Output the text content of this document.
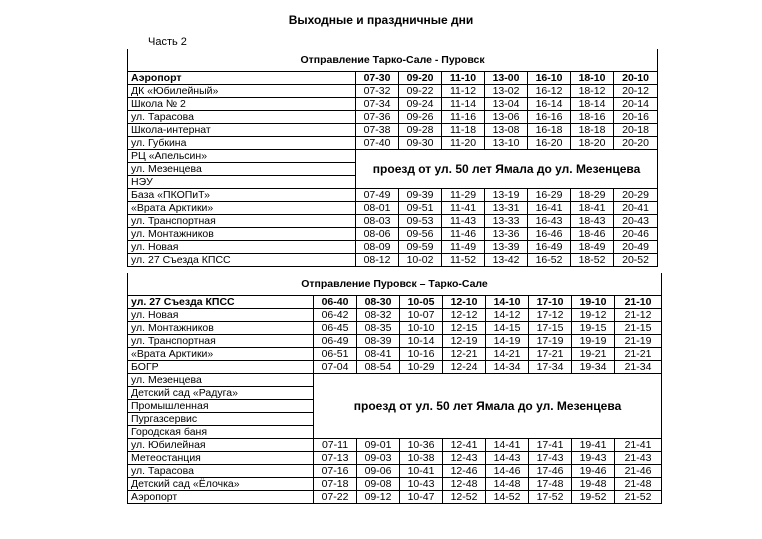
Выходные и праздничные дни
Часть 2
Отправление Тарко-Сале - Пуровск							
Аэропорт	07-30	09-20	11-10	13-00	16-10	18-10	20-10
ДК «Юбилейный»	07-32	09-22	11-12	13-02	16-12	18-12	20-12
Школа № 2	07-34	09-24	11-14	13-04	16-14	18-14	20-14
ул. Тарасова	07-36	09-26	11-16	13-06	16-16	18-16	20-16
Школа-интернат	07-38	09-28	11-18	13-08	16-18	18-18	20-18
ул. Губкина	07-40	09-30	11-20	13-10	16-20	18-20	20-20
РЦ «Апельсин»	проезд от ул. 50 лет Ямала до ул. Мезенцева						
ул. Мезенцева							
НЭУ							
База «ПКОПиТ»	07-49	09-39	11-29	13-19	16-29	18-29	20-29
«Врата Арктики»	08-01	09-51	11-41	13-31	16-41	18-41	20-41
ул. Транспортная	08-03	09-53	11-43	13-33	16-43	18-43	20-43
ул. Монтажников	08-06	09-56	11-46	13-36	16-46	18-46	20-46
ул. Новая	08-09	09-59	11-49	13-39	16-49	18-49	20-49
ул. 27 Съезда КПСС	08-12	10-02	11-52	13-42	16-52	18-52	20-52
Отправление Пуровск – Тарко-Сале								
ул. 27 Съезда КПСС	06-40	08-30	10-05	12-10	14-10	17-10	19-10	21-10
ул. Новая	06-42	08-32	10-07	12-12	14-12	17-12	19-12	21-12
ул. Монтажников	06-45	08-35	10-10	12-15	14-15	17-15	19-15	21-15
ул. Транспортная	06-49	08-39	10-14	12-19	14-19	17-19	19-19	21-19
«Врата Арктики»	06-51	08-41	10-16	12-21	14-21	17-21	19-21	21-21
БОГР	07-04	08-54	10-29	12-24	14-34	17-34	19-34	21-34
ул. Мезенцева	проезд от ул. 50 лет Ямала до ул. Мезенцева							
Детский сад «Радуга»								
Промышленная								
Пургазсервис								
Городская баня								
ул. Юбилейная	07-11	09-01	10-36	12-41	14-41	17-41	19-41	21-41
Метеостанция	07-13	09-03	10-38	12-43	14-43	17-43	19-43	21-43
ул. Тарасова	07-16	09-06	10-41	12-46	14-46	17-46	19-46	21-46
Детский сад «Ёлочка»	07-18	09-08	10-43	12-48	14-48	17-48	19-48	21-48
Аэропорт	07-22	09-12	10-47	12-52	14-52	17-52	19-52	21-52
